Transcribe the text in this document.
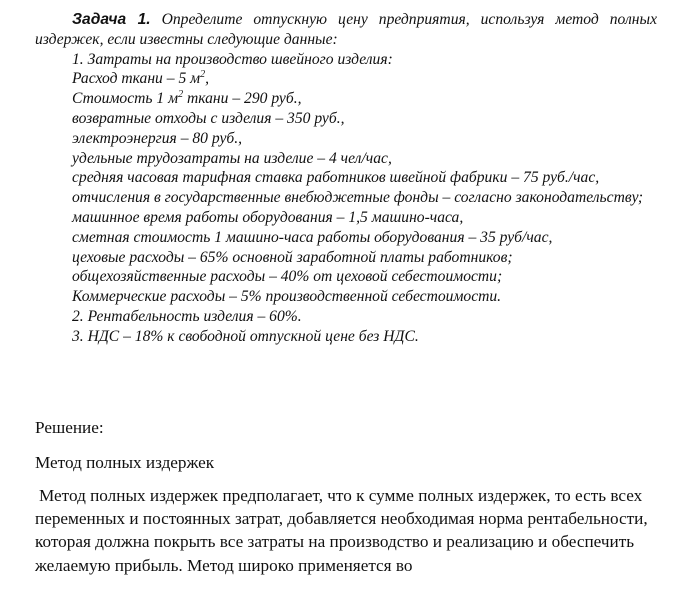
Задача 1. Определите отпускную цену предприятия, используя метод полных издержек, если известны следующие данные:

1. Затраты на производство швейного изделия:

Расход ткани – 5 $м^2$,

Стоимость 1 $м^2$ ткани – 290 руб.,

возвратные отходы с изделия – 350 руб.,

электроэнергия – 80 руб.,

удельные трудозатраты на изделие – 4 чел/час,

средняя часовая тарифная ставка работников швейной фабрики – 75 руб./час,

отчисления в государственные внебюджетные фонды – согласно законодательству;

машинное время работы оборудования – 1,5 машино-часа,

сметная стоимость 1 машино-часа работы оборудования – 35 руб/час,

цеховые расходы – 65% основной заработной платы работников;

общехозяйственные расходы – 40% от цеховой себестоимости;

Коммерческие расходы – 5% производственной себестоимости.

2. Рентабельность изделия – 60%.

3. НДС – 18% к свободной отпускной цене без НДС.

Решение:
Метод полных издержек

Метод полных издержек предполагает, что к сумме полных издержек, то есть всех переменных и постоянных затрат, добавляется необходимая норма рентабельности, которая должна покрыть все затраты на производство и реализацию и обеспечить желаемую прибыль. Метод широко применяется во
